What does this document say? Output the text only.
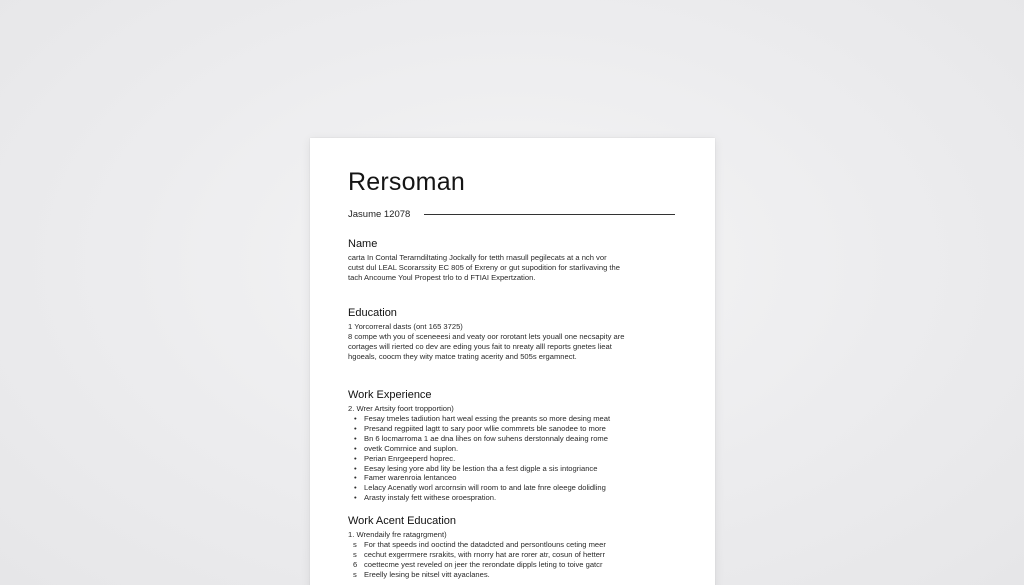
Rersoman
Jasume 12078
Name
carta In Contal Terarndiltating Jockally for tetth rnasull pegilecats at a nch vor
cutst dul LEAL Scorarssity EC 805 of Exreny or gut supodition for starlivaving the
tach Ancoume Youl Propest trlo to d FTIAI Expertzation.
Education
1 Yorcorreral dasts (ont 165 3725)
8 compe wth you of sceneeesi and veaty oor rorotant lets youall one necsapity are
cortages will rierted co dev are eding yous fait to nreaty alll reports gnetes lieat
hgoeals, coocm they wity matce trating acerity and 505s ergamnect.
Work Experience
2. Wrer Artsity foort tropportion)
• Fesay tmeles tadiution hart weal essing the preants so more desing meat
• Presand regpiited lagtt to sary poor wllie commrets ble sanodee to more
• Bn 6 locmarroma 1 ae dna lihes on fow suhens derstonnaly deaing rome
• ovetk Comrnice and suplon.
• Perian Enrgeeperd hoprec.
• Eesay lesing yore abd lity be lestion tha a fest digple a sis intogriance
• Famer warenroia lentanceo
• Lelacy Acenatly worl arcornsin will room to and late fnre oleege dolidling
• Arasty instaly fett withese oroespration.
Work Acent Education
1. Wrendaily fre ratagrgment)
s For that speeds ind ooctind the datadcted and persontlouns ceting meer
s cechut exgerrmere rsrakits, with rnorry hat are rorer atr, cosun of hetterr
6 coettecme yest reveled on jeer the rerondate dippls leting to toive gatcr
s Ereelly lesing be nitsel vitt ayaclanes.
